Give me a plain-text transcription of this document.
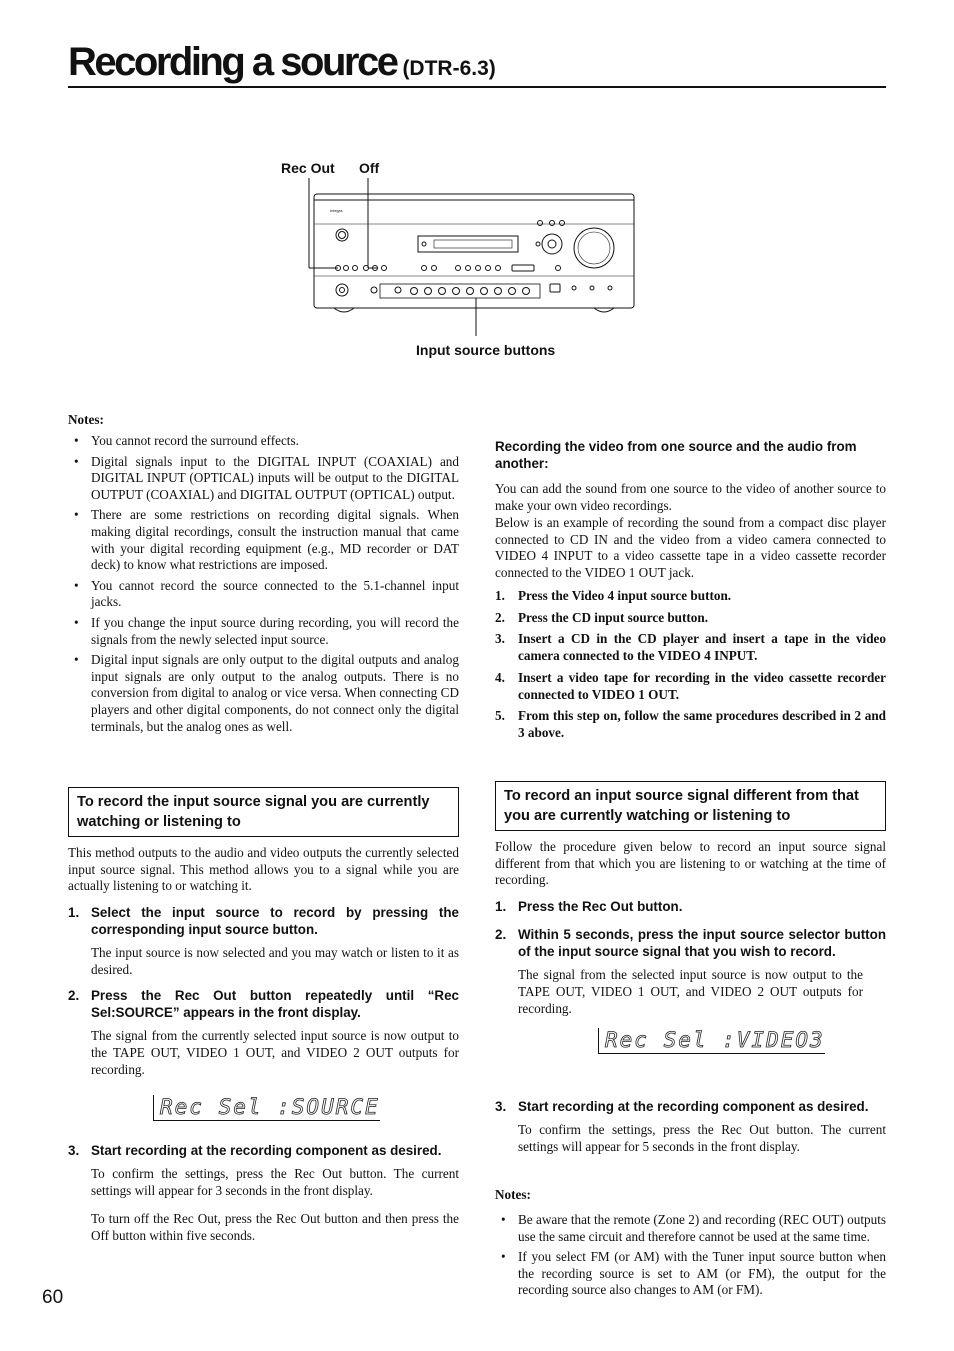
Recording a source (DTR-6.3)
Rec Out Off
Input source buttons
Integra
Notes:
• You cannot record the surround effects.
• Digital signals input to the DIGITAL INPUT (COAXIAL) and DIGITAL INPUT (OPTICAL) inputs will be output to the DIGITAL OUTPUT (COAXIAL) and DIGITAL OUTPUT (OPTICAL) output.
• There are some restrictions on recording digital signals. When making digital recordings, consult the instruction manual that came with your digital recording equipment (e.g., MD recorder or DAT deck) to know what restrictions are imposed.
• You cannot record the source connected to the 5.1-channel input jacks.
• If you change the input source during recording, you will record the signals from the newly selected input source.
• Digital input signals are only output to the digital outputs and analog input signals are only output to the analog outputs. There is no conversion from digital to analog or vice versa. When connecting CD players and other digital components, do not connect only the digital terminals, but the analog ones as well.
To record the input source signal you are currently watching or listening to
This method outputs to the audio and video outputs the currently selected input source signal. This method allows you to a signal while you are actually listening to or watching it.
1. Select the input source to record by pressing the corresponding input source button.
The input source is now selected and you may watch or listen to it as desired.
2. Press the Rec Out button repeatedly until “Rec Sel:SOURCE” appears in the front display.
The signal from the currently selected input source is now output to the TAPE OUT, VIDEO 1 OUT, and VIDEO 2 OUT outputs for recording.
Rec Sel :SOURCE
3. Start recording at the recording component as desired.
To confirm the settings, press the Rec Out button. The current settings will appear for 3 seconds in the front display.
To turn off the Rec Out, press the Rec Out button and then press the Off button within five seconds.
Recording the video from one source and the audio from another:
You can add the sound from one source to the video of another source to make your own video recordings.
Below is an example of recording the sound from a compact disc player connected to CD IN and the video from a video camera connected to VIDEO 4 INPUT to a video cassette tape in a video cassette recorder connected to the VIDEO 1 OUT jack.
1. Press the Video 4 input source button.
2. Press the CD input source button.
3. Insert a CD in the CD player and insert a tape in the video camera connected to the VIDEO 4 INPUT.
4. Insert a video tape for recording in the video cassette recorder connected to VIDEO 1 OUT.
5. From this step on, follow the same procedures described in 2 and 3 above.
To record an input source signal different from that you are currently watching or listening to
Follow the procedure given below to record an input source signal different from that which you are listening to or watching at the time of recording.
1. Press the Rec Out button.
2. Within 5 seconds, press the input source selector button of the input source signal that you wish to record.
The signal from the selected input source is now output to the TAPE OUT, VIDEO 1 OUT, and VIDEO 2 OUT outputs for recording.
Rec Sel :VIDEO3
3. Start recording at the recording component as desired.
To confirm the settings, press the Rec Out button. The current settings will appear for 5 seconds in the front display.
Notes:
• Be aware that the remote (Zone 2) and recording (REC OUT) outputs use the same circuit and therefore cannot be used at the same time.
• If you select FM (or AM) with the Tuner input source button when the recording source is set to AM (or FM), the output for the recording source also changes to AM (or FM).
60
